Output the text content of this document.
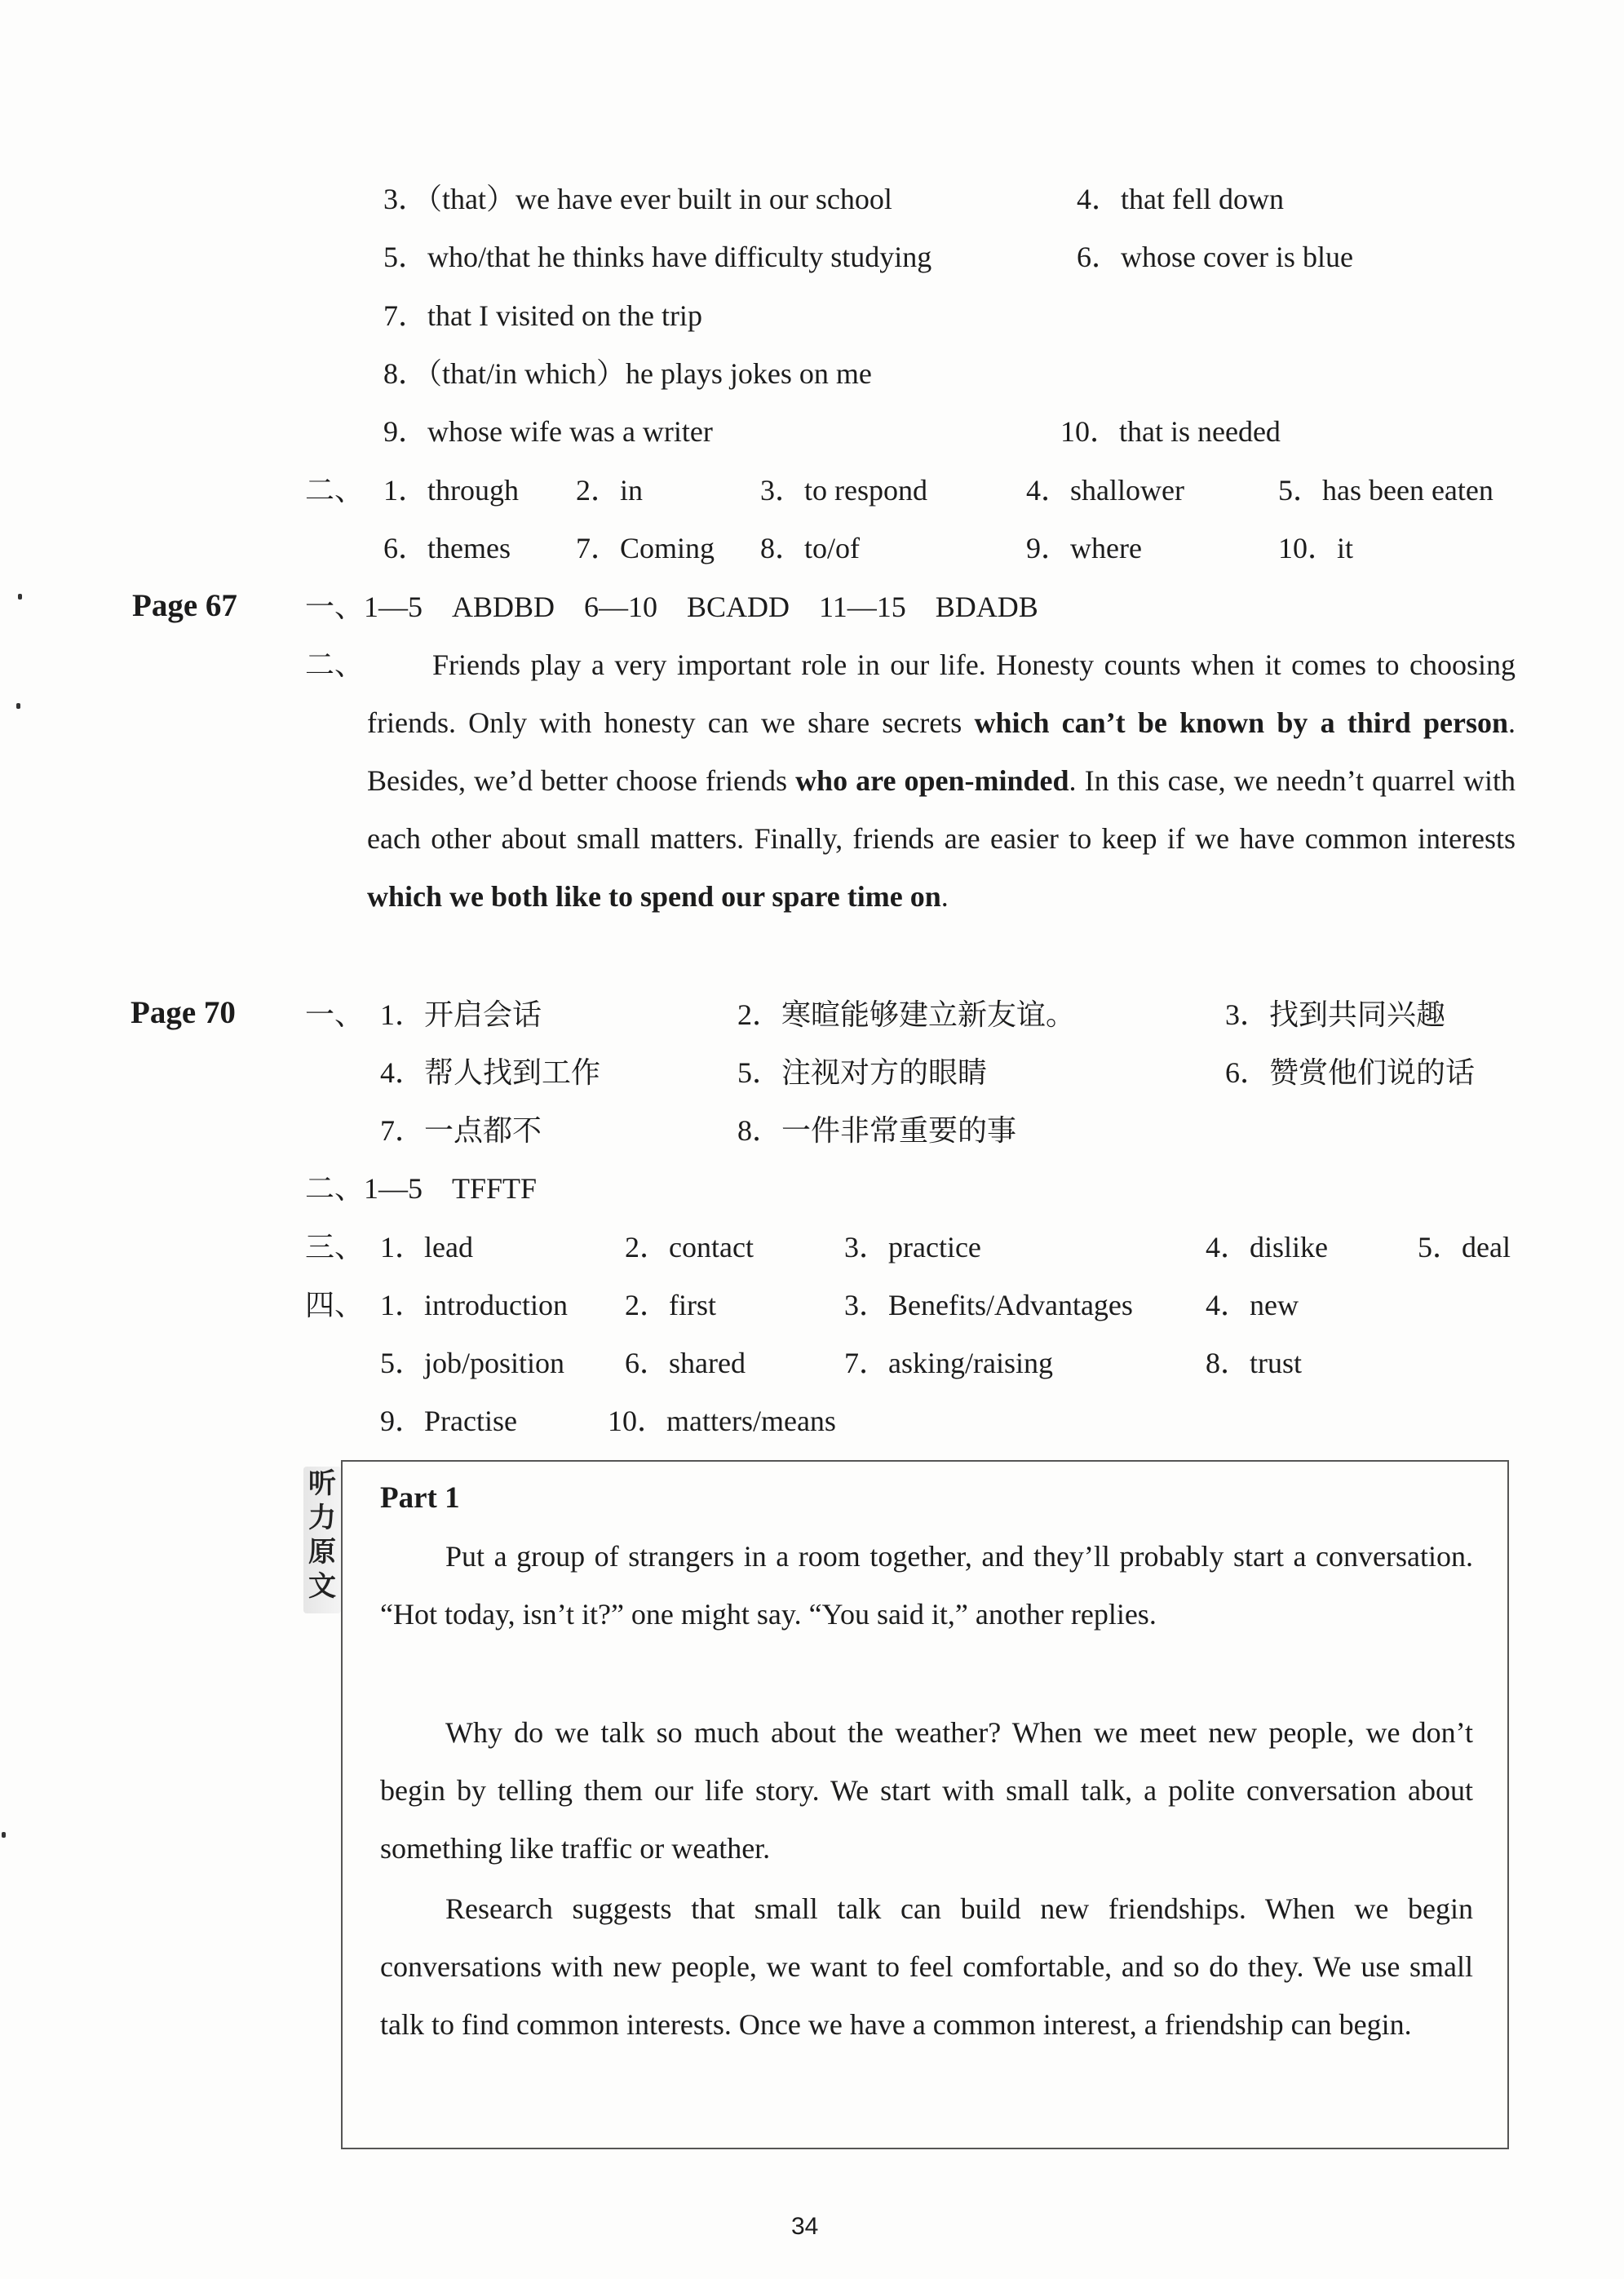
3．（that）we have ever built in our school	4．that fell down
5．who/that he thinks have difficulty studying	6．whose cover is blue
7．that I visited on the trip
8．（that/in which）he plays jokes on me
9．whose wife was a writer	10．that is needed
二、 1．through 2．in	3．to respond	4．shallower	5．has been eaten
6．themes 7．Coming 8．to/of	9．where	10．it
Page 67 一、1—5　ABDBD　6—10　BCADD　11—15　BDADB
二、	Friends play a very important role in our life. Honesty counts when it comes to choosing friends. Only with honesty can we share secrets which can’t be known by a third person. Besides, we’d better choose friends who are open-minded. In this case, we needn’t quarrel with each other about small matters. Finally, friends are easier to keep if we have common interests which we both like to spend our spare time on.
Page 70 一、 1．开启会话	2．寒暄能够建立新友谊。	3．找到共同兴趣
4．帮人找到工作	5．注视对方的眼睛	6．赞赏他们说的话
7．一点都不	8．一件非常重要的事
二、1—5　TFFTF
三、 1．lead	2．contact	3．practice	4．dislike	5．deal
四、 1．introduction 2．first	3．Benefits/Advantages 4．new
5．job/position 6．shared	7．asking/raising	8．trust
9．Practise	10．matters/means
听
力
原
文
Part 1
Put a group of strangers in a room together, and they’ll probably start a conversation. “Hot today, isn’t it?” one might say. “You said it,” another replies.
Why do we talk so much about the weather? When we meet new people, we don’t begin by telling them our life story. We start with small talk, a polite conversation about something like traffic or weather.
Research suggests that small talk can build new friendships. When we begin conversations with new people, we want to feel comfortable, and so do they. We use small talk to find common interests. Once we have a common interest, a friendship can begin.
34
